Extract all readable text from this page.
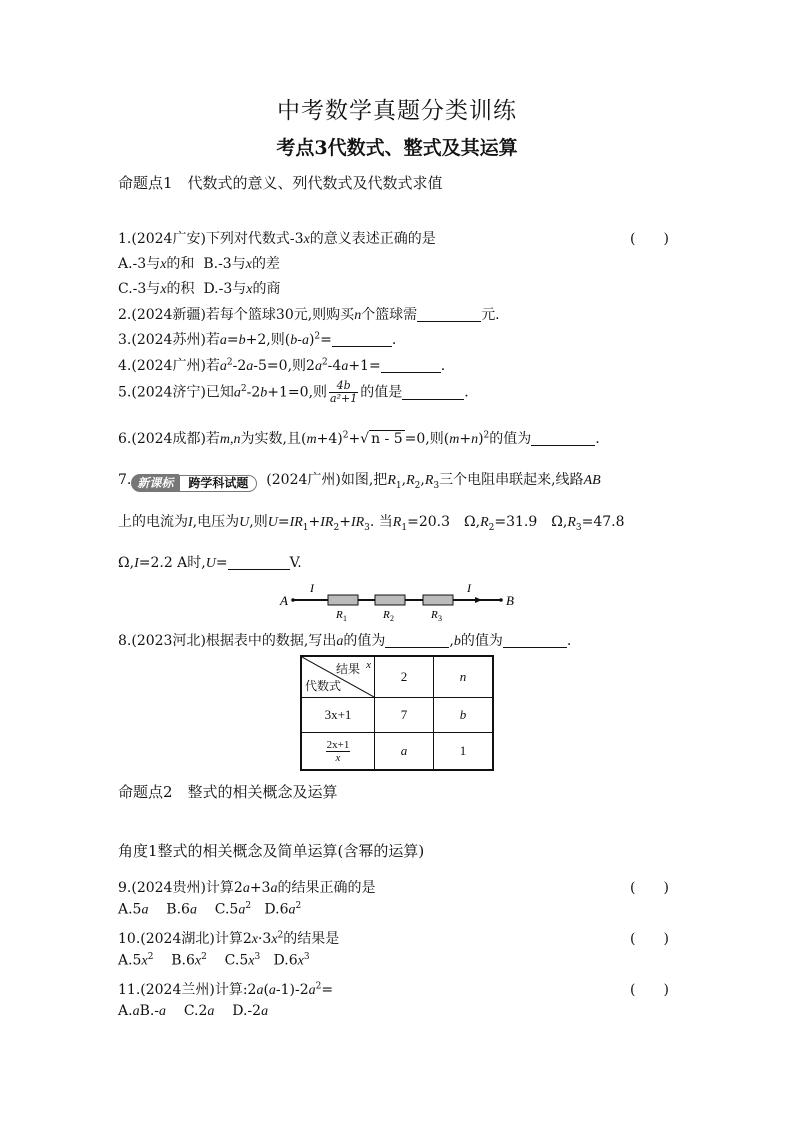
中考数学真题分类训练
考点3代数式、整式及其运算
命题点1　代数式的意义、列代数式及代数式求值
1.(2024广安)下列对代数式-3x的意义表述正确的是	(　　)
A.-3与x的和 B.-3与x的差
C.-3与x的积 D.-3与x的商
2.(2024新疆)若每个篮球30元,则购买n个篮球需	元.
3.(2024苏州)若a=b+2,则$(b-a)^2=$	.
4.(2024广州)若$a^2-2a-5=0$,则$2a^2-4a+1=$	.
5.(2024济宁)已知$a^2-2b+1=0$,则 $\frac{4b}{\text{a²+1}}$ 的值是	.
6.(2024成都)若m,n为实数,且$(m+4)^2+√$ n - 5 =0,则$(m+n)^2$的值为	.
7. 新课标 跨学科试题 (2024广州)如图,把$R_1,R_2,R_3$三个电阻串联起来,线路AB
上的电流为I,电压为U,则$U=IR_1+IR_2+IR_3$. 当$R_1=20.3$　$\Omega,R_2=31.9$　$\Omega,R_3=47.8$
Ω,I=2.2 A时,U=	V.
A
I	I
B
R 1	R 2	R 3
8.(2023河北)根据表中的数据,写出a的值为	,b的值为	.
结果 x
代数式	2	n
3x+1	7	b

$\frac{2x+1}{x}$	a	1
命题点2　整式的相关概念及运算
角度1整式的相关概念及简单运算(含幂的运算)
9.(2024贵州)计算2a+3a的结果正确的是	(　　)
A.5a B.6a $C.5a^2$ $D.6a^2$
10.(2024湖北)计算$2x\cdot 3x^2$的结果是	(　　)
$A.5x^2$ $B.6x^2$ $C.5x^3$ $D.6x^3$
11.(2024兰州)计算$:2a(a-1)-2a^2=$	(　　)
A.aB.-a C.2a D.-2a
